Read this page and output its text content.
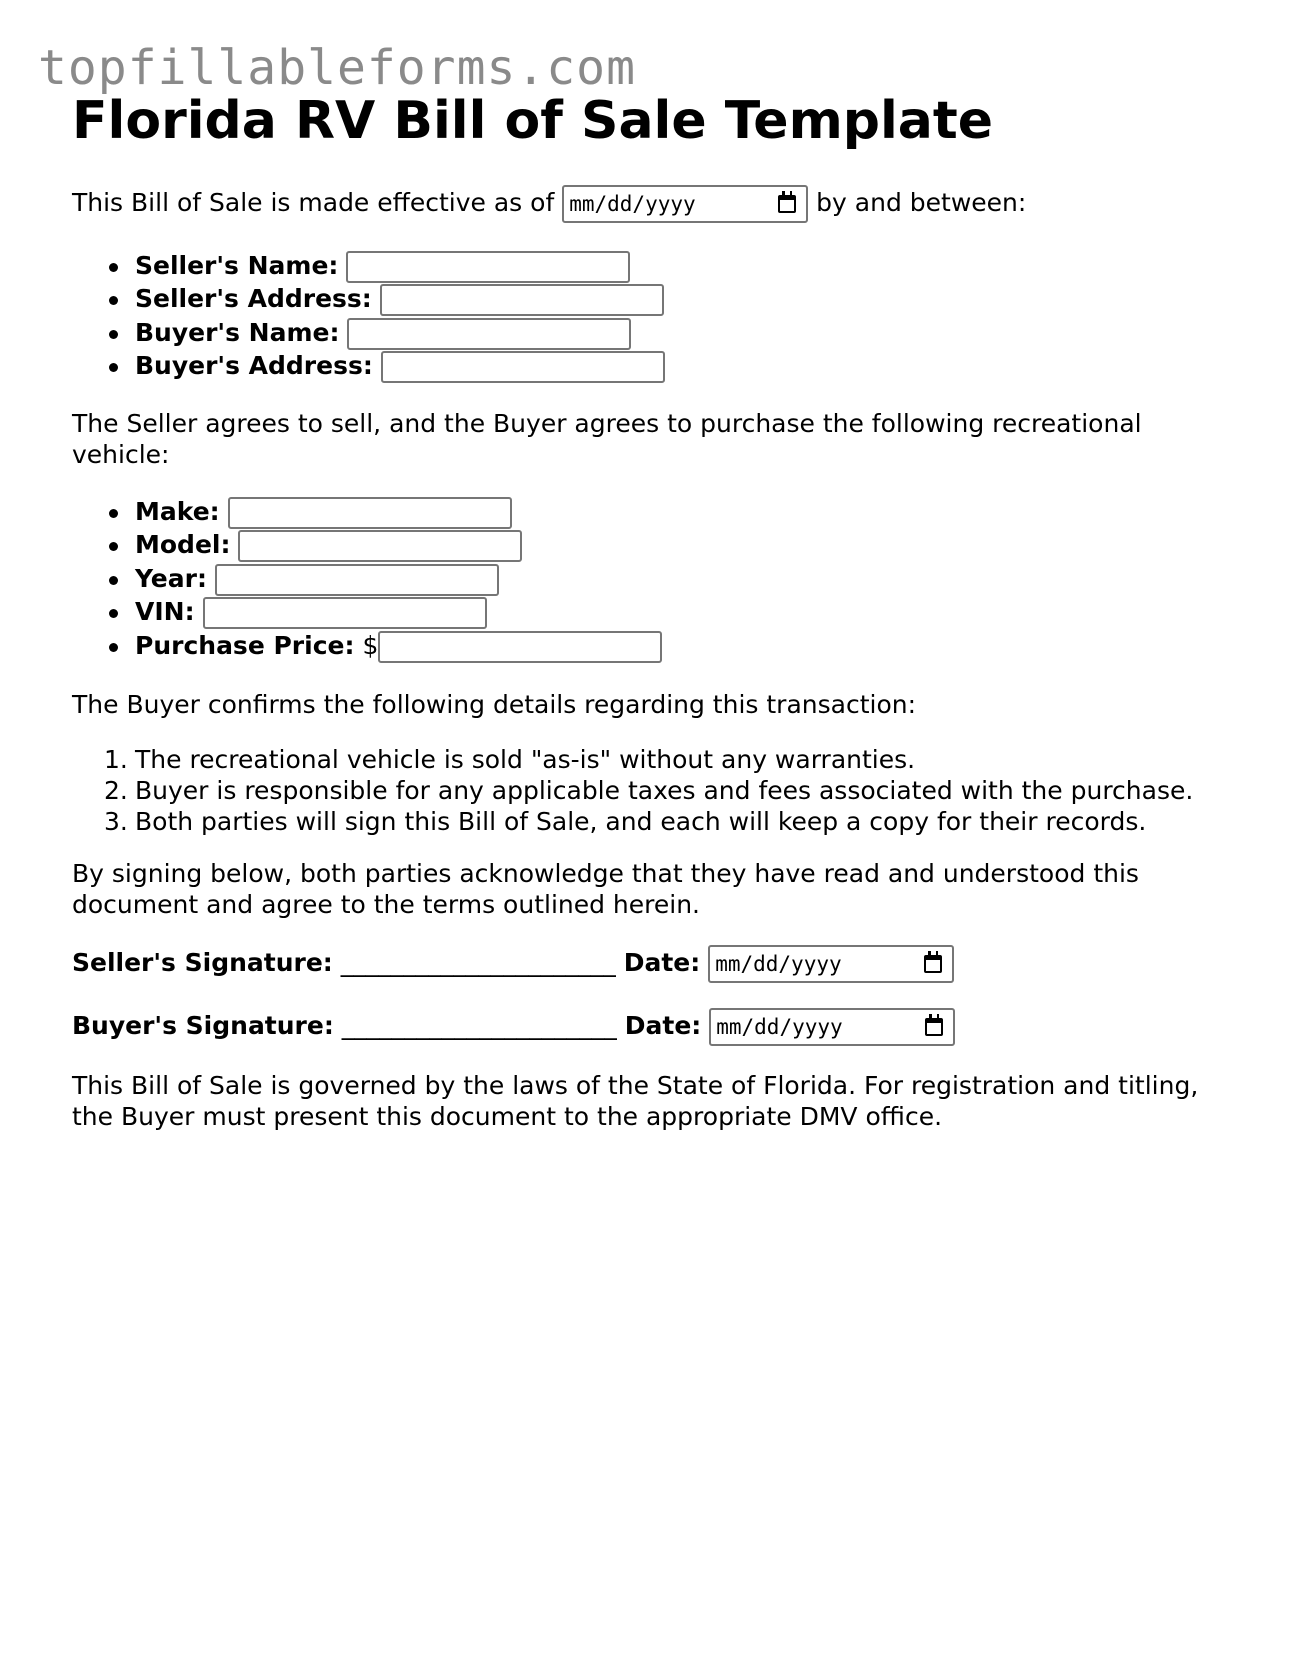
topfillableforms.com
Florida RV Bill of Sale Template

This Bill of Sale is made effective as of mm/dd/yyyy	by and between:

Seller's Name:
Seller's Address:
Buyer's Name:
Buyer's Address:

The Seller agrees to sell, and the Buyer agrees to purchase the following recreational vehicle:

Make:
Model:
Year:
VIN:
Purchase Price: $

The Buyer confirms the following details regarding this transaction:

1. The recreational vehicle is sold "as-is" without any warranties.
2. Buyer is responsible for any applicable taxes and fees associated with the purchase.
3. Both parties will sign this Bill of Sale, and each will keep a copy for their records.

By signing below, both parties acknowledge that they have read and understood this document and agree to the terms outlined herein.

Seller's Signature: ______________________ Date: mm/dd/yyyy
Buyer's Signature: ______________________ Date: mm/dd/yyyy

This Bill of Sale is governed by the laws of the State of Florida. For registration and titling, the Buyer must present this document to the appropriate DMV office.
